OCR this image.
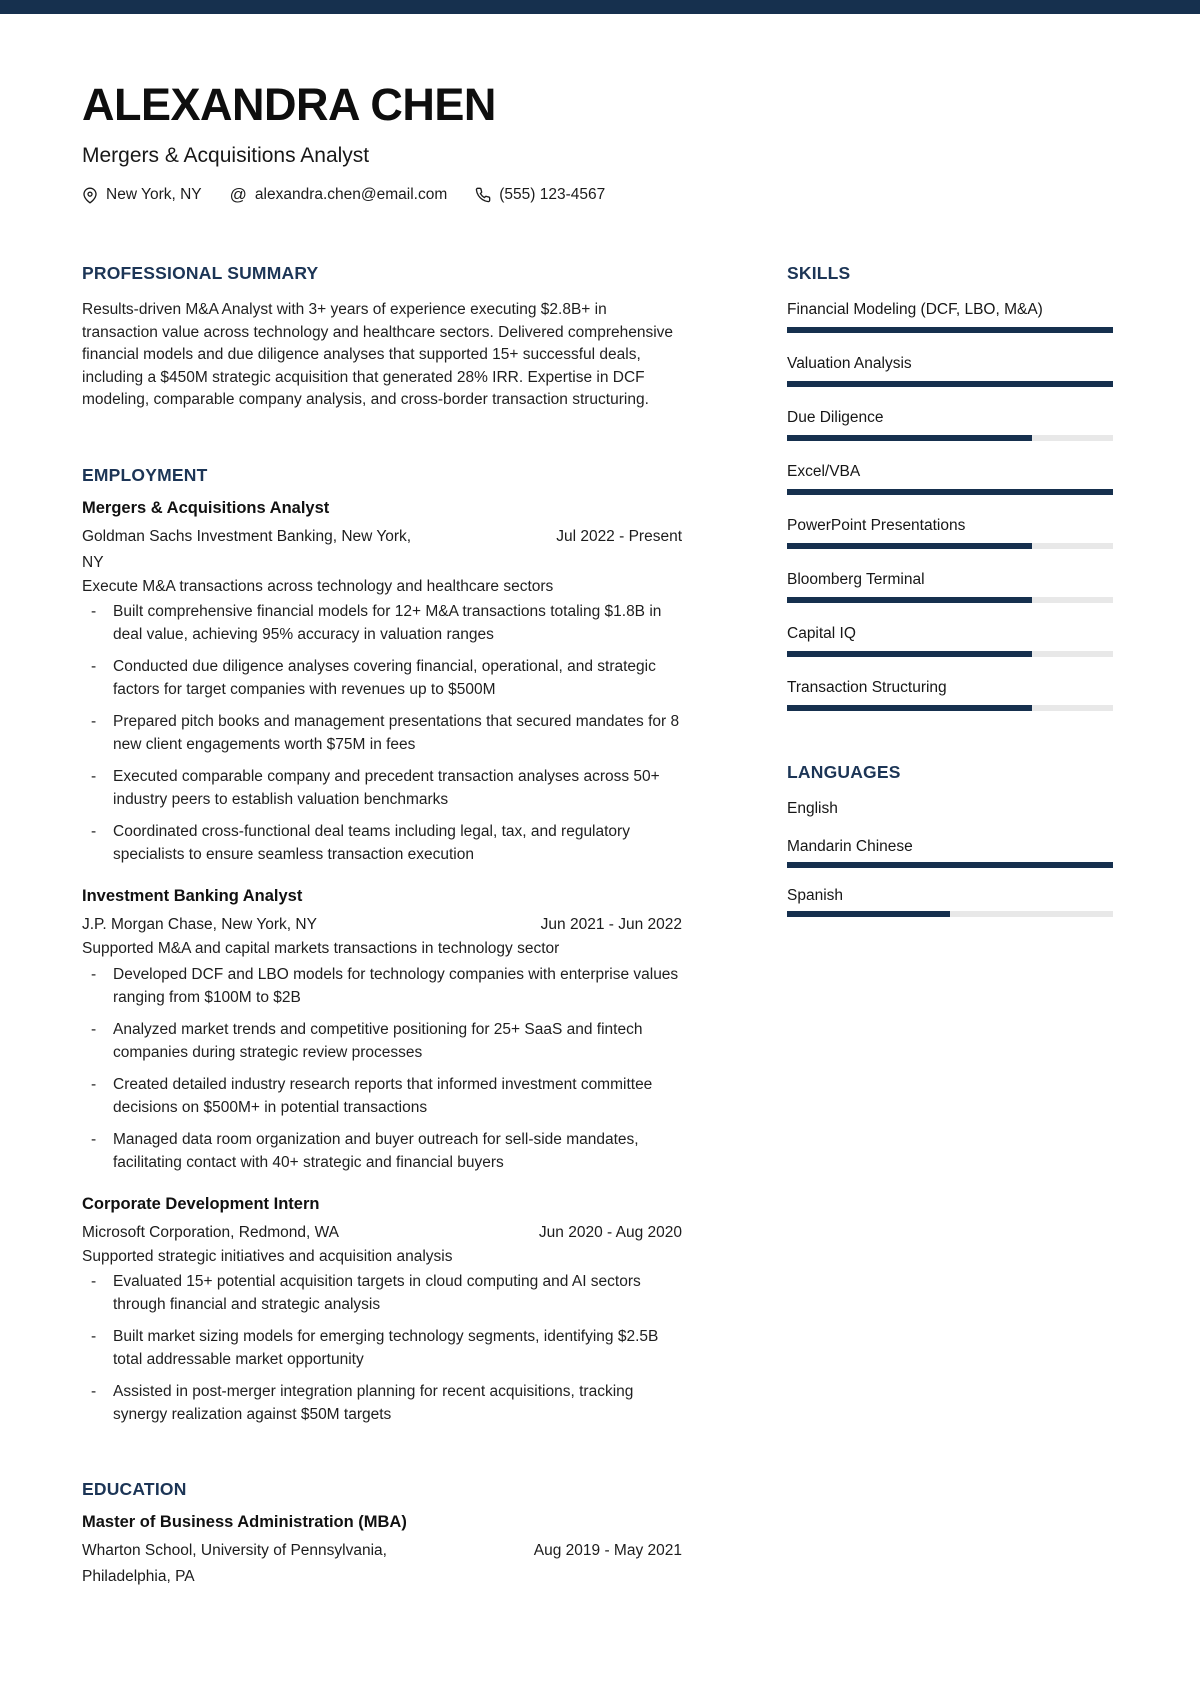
ALEXANDRA CHEN
Mergers & Acquisitions Analyst
New York, NY @ alexandra.chen@email.com	(555) 123-4567
PROFESSIONAL SUMMARY

Results-driven M&A Analyst with 3+ years of experience executing $2.8B+ in transaction value across technology and healthcare sectors. Delivered comprehensive financial models and due diligence analyses that supported 15+ successful deals, including a $450M strategic acquisition that generated 28% IRR. Expertise in DCF modeling, comparable company analysis, and cross-border transaction structuring.

EMPLOYMENT
Mergers & Acquisitions Analyst
Goldman Sachs Investment Banking, New York, NY
Jul 2022 - Present
Execute M&A transactions across technology and healthcare sectors
- Built comprehensive financial models for 12+ M&A transactions totaling $1.8B in deal value, achieving 95% accuracy in valuation ranges
- Conducted due diligence analyses covering financial, operational, and strategic factors for target companies with revenues up to $500M
- Prepared pitch books and management presentations that secured mandates for 8 new client engagements worth $75M in fees
- Executed comparable company and precedent transaction analyses across 50+ industry peers to establish valuation benchmarks
- Coordinated cross-functional deal teams including legal, tax, and regulatory specialists to ensure seamless transaction execution
Investment Banking Analyst
J.P. Morgan Chase, New York, NY	Jun 2021 - Jun 2022
Supported M&A and capital markets transactions in technology sector
- Developed DCF and LBO models for technology companies with enterprise values ranging from $100M to $2B
- Analyzed market trends and competitive positioning for 25+ SaaS and fintech companies during strategic review processes
- Created detailed industry research reports that informed investment committee decisions on $500M+ in potential transactions
- Managed data room organization and buyer outreach for sell-side mandates, facilitating contact with 40+ strategic and financial buyers
Corporate Development Intern
Microsoft Corporation, Redmond, WA	Jun 2020 - Aug 2020
Supported strategic initiatives and acquisition analysis
- Evaluated 15+ potential acquisition targets in cloud computing and AI sectors through financial and strategic analysis
- Built market sizing models for emerging technology segments, identifying $2.5B total addressable market opportunity
- Assisted in post-merger integration planning for recent acquisitions, tracking synergy realization against $50M targets
EDUCATION
Master of Business Administration (MBA)
Wharton School, University of Pennsylvania, Philadelphia, PA
Aug 2019 - May 2021
SKILLS
Financial Modeling (DCF, LBO, M&A)
Valuation Analysis
Due Diligence
Excel/VBA
PowerPoint Presentations
Bloomberg Terminal
Capital IQ
Transaction Structuring
LANGUAGES
English
Mandarin Chinese
Spanish
